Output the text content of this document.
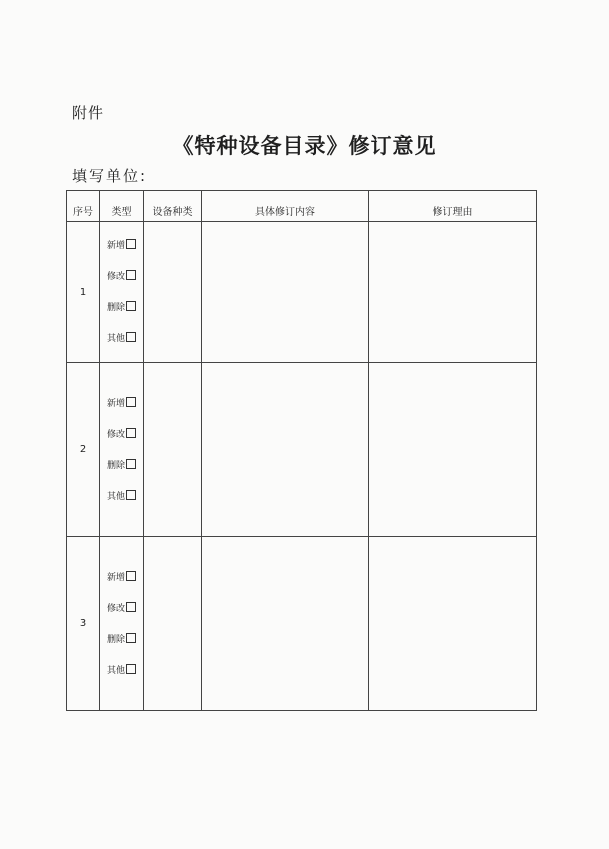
附件
《特种设备目录》修订意见
填写单位:
序号	类型	设备种类	具体修订内容	修订理由
1	新增
修改
删除
其他			

2	新增
修改
删除
其他			

3	新增
修改
删除
其他			
